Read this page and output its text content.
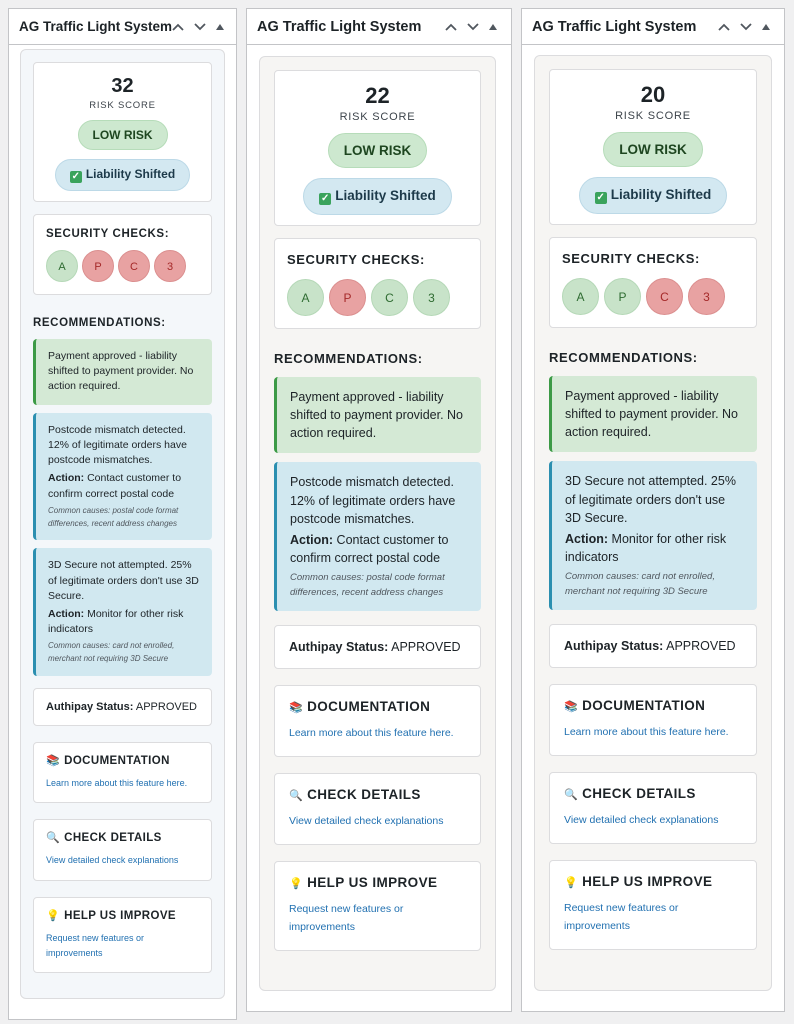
AG Traffic Light System
32
RISK SCORE
LOW RISK
✓ Liability Shifted
SECURITY CHECKS:
A	P	C	3
RECOMMENDATIONS:
Payment approved - liability shifted to payment provider. No action required.
Postcode mismatch detected. 12% of legitimate orders have postcode mismatches.
Action: Contact customer to confirm correct postal code
Common causes: postal code format differences, recent address changes
3D Secure not attempted. 25% of legitimate orders don't use 3D Secure.
Action: Monitor for other risk indicators
Common causes: card not enrolled, merchant not requiring 3D Secure
Authipay Status: APPROVED
📚 DOCUMENTATION
Learn more about this feature here.
🔍 CHECK DETAILS
View detailed check explanations
💡 HELP US IMPROVE
Request new features or improvements
AG Traffic Light System
22
RISK SCORE
LOW RISK
✓ Liability Shifted
SECURITY CHECKS:
A	P	C	3
RECOMMENDATIONS:
Payment approved - liability shifted to payment provider. No action required.
Postcode mismatch detected. 12% of legitimate orders have postcode mismatches.
Action: Contact customer to confirm correct postal code
Common causes: postal code format differences, recent address changes
Authipay Status: APPROVED
📚 DOCUMENTATION
Learn more about this feature here.
🔍 CHECK DETAILS
View detailed check explanations
💡 HELP US IMPROVE
Request new features or improvements
AG Traffic Light System
20
RISK SCORE
LOW RISK
✓ Liability Shifted
SECURITY CHECKS:
A	P	C	3
RECOMMENDATIONS:
Payment approved - liability shifted to payment provider. No action required.
3D Secure not attempted. 25% of legitimate orders don't use 3D Secure.
Action: Monitor for other risk indicators
Common causes: card not enrolled, merchant not requiring 3D Secure
Authipay Status: APPROVED
📚 DOCUMENTATION
Learn more about this feature here.
🔍 CHECK DETAILS
View detailed check explanations
💡 HELP US IMPROVE
Request new features or improvements
